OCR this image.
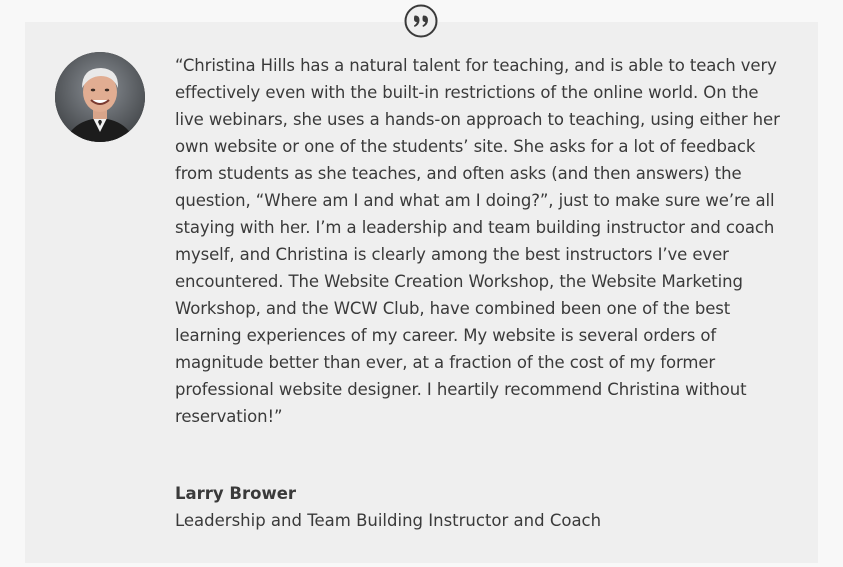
“Christina Hills has a natural talent for teaching, and is able to teach very effectively even with the built-in restrictions of the online world. On the live webinars, she uses a hands-on approach to teaching, using either her own website or one of the students’ site. She asks for a lot of feedback from students as she teaches, and often asks (and then answers) the question, “Where am I and what am I doing?”, just to make sure we’re all staying with her. I’m a leadership and team building instructor and coach myself, and Christina is clearly among the best instructors I’ve ever encountered. The Website Creation Workshop, the Website Marketing Workshop, and the WCW Club, have combined been one of the best learning experiences of my career. My website is several orders of magnitude better than ever, at a fraction of the cost of my former professional website designer. I heartily recommend Christina without reservation!”

Larry Brower

Leadership and Team Building Instructor and Coach
